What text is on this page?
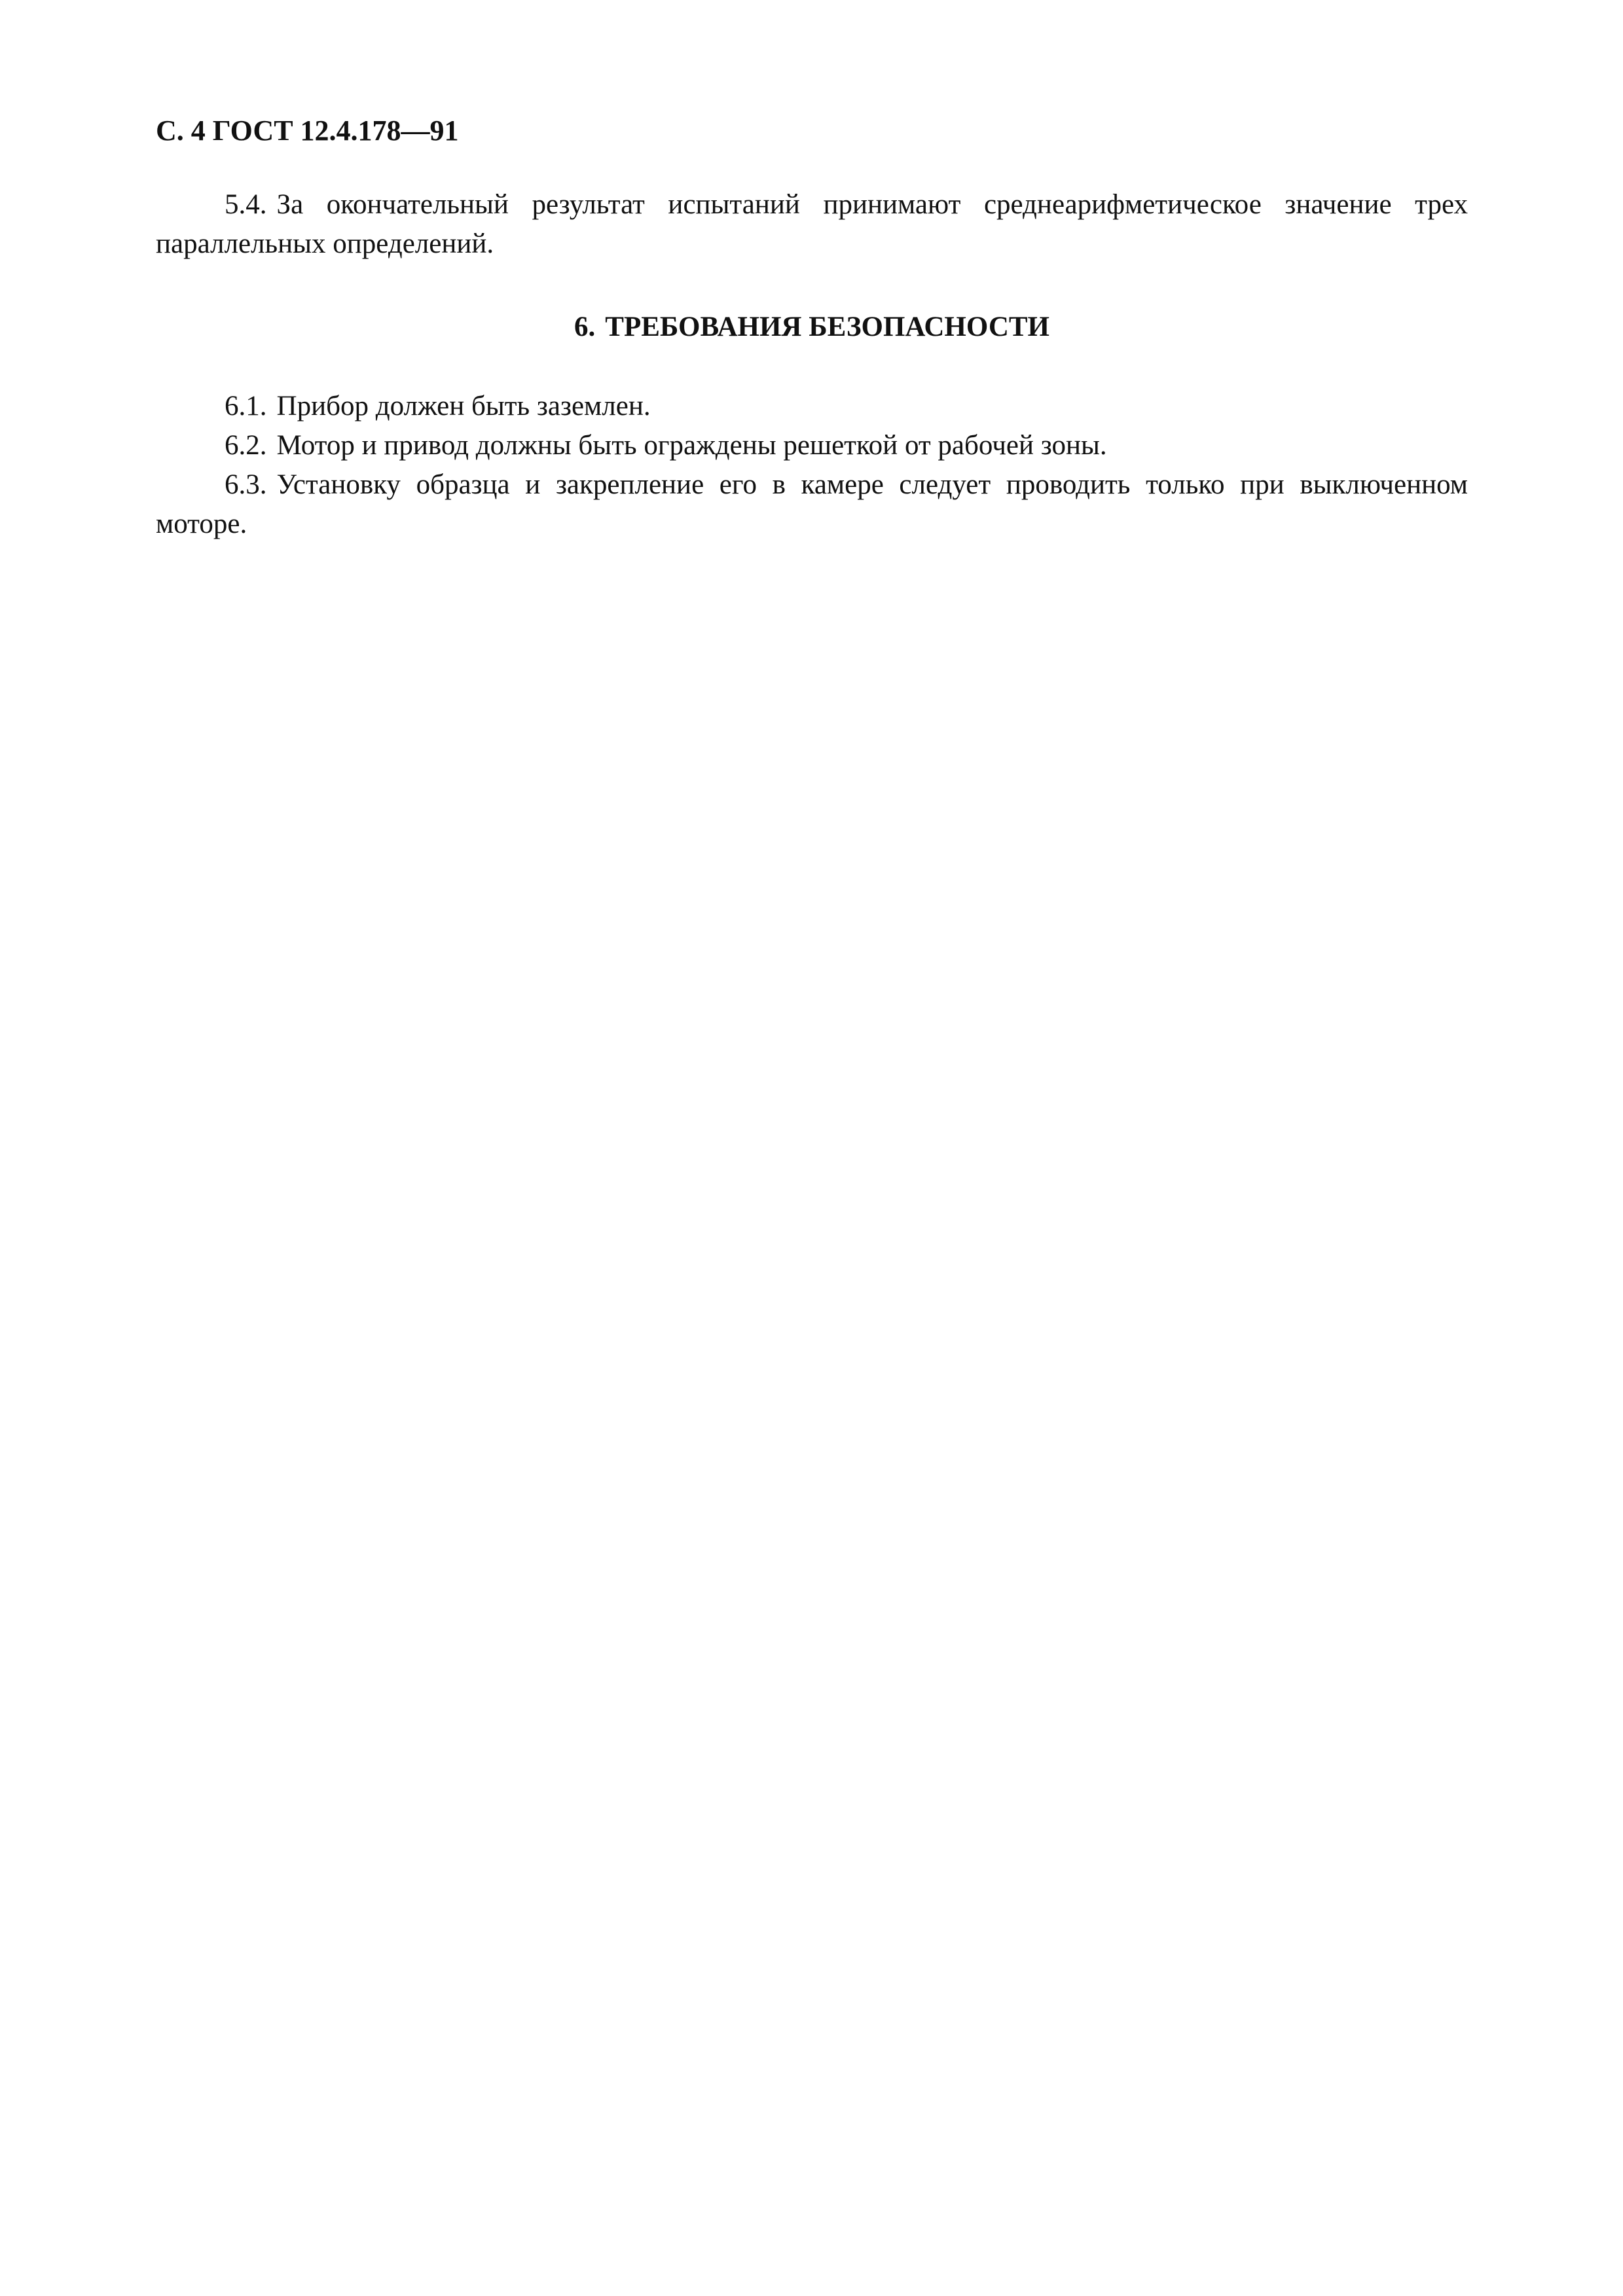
С. 4 ГОСТ 12.4.178—91

5.4. За окончательный результат испытаний принимают среднеарифметическое значение трех параллельных определений.

6. ТРЕБОВАНИЯ БЕЗОПАСНОСТИ

6.1. Прибор должен быть заземлен.

6.2. Мотор и привод должны быть ограждены решеткой от рабочей зоны.

6.3. Установку образца и закрепление его в камере следует проводить только при выключенном моторе.
